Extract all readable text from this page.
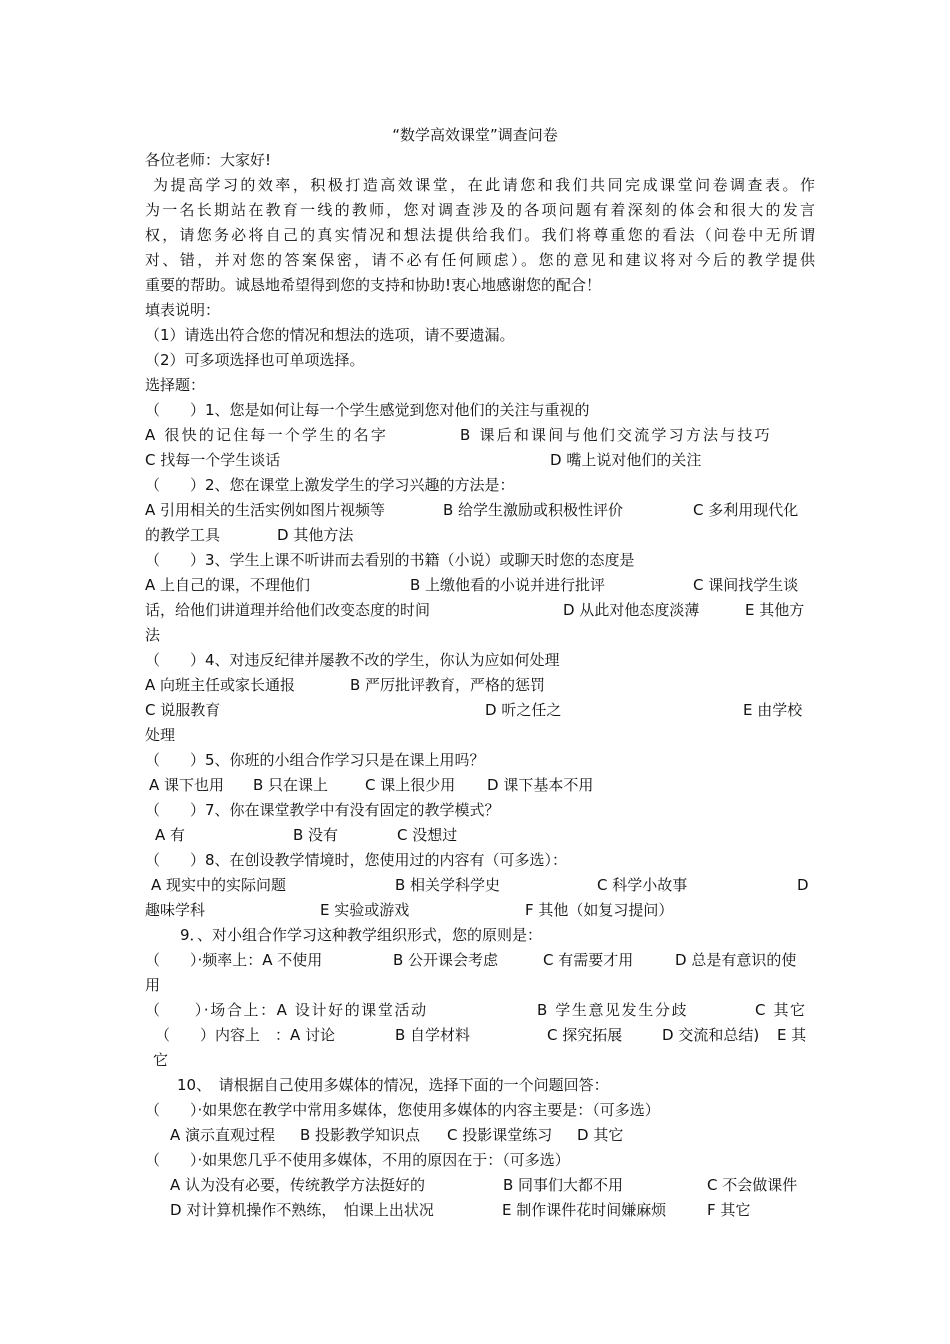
“数学高效课堂”调查问卷
各位老师：大家好!
为提高学习的效率，积极打造高效课堂，在此请您和我们共同完成课堂问卷调查表。作
为一名长期站在教育一线的教师，您对调查涉及的各项问题有着深刻的体会和很大的发言
权，请您务必将自己的真实情况和想法提供给我们。我们将尊重您的看法（问卷中无所谓
对、错，并对您的答案保密，请不必有任何顾虑）。您的意见和建议将对今后的教学提供
重要的帮助。诚恳地希望得到您的支持和协助!衷心地感谢您的配合！
填表说明：
（1）请选出符合您的情况和想法的选项，请不要遗漏。
（2）可多项选择也可单项选择。
选择题：
（　　）1、您是如何让每一个学生感觉到您对他们的关注与重视的
A 很快的记住每一个学生的名字	B 课后和课间与他们交流学习方法与技巧
C 找每一个学生谈话	D 嘴上说对他们的关注
（　　）2、您在课堂上激发学生的学习兴趣的方法是：
A 引用相关的生活实例如图片视频等	B 给学生激励或积极性评价	C 多利用现代化
的教学工具	D 其他方法
（　　）3、学生上课不听讲而去看别的书籍（小说）或聊天时您的态度是
A 上自己的课，不理他们	B 上缴他看的小说并进行批评	C 课间找学生谈
话，给他们讲道理并给他们改变态度的时间	D 从此对他态度淡薄	E 其他方
法
（　　）4、对违反纪律并屡教不改的学生，你认为应如何处理
A 向班主任或家长通报	B 严厉批评教育，严格的惩罚
C 说服教育	D 听之任之	E 由学校
处理
（　　）5、你班的小组合作学习只是在课上用吗？
A 课下也用 B 只在课上 C 课上很少用 D 课下基本不用
（　　）7、你在课堂教学中有没有固定的教学模式？
A 有	B 没有	C 没想过
（　　）8、在创设教学情境时，您使用过的内容有（可多选）：
A 现实中的实际问题	B 相关学科学史	C 科学小故事	D
趣味学科	E 实验或游戏	F 其他（如复习提问）
9．、对小组合作学习这种教学组织形式，您的原则是：
（　　）·频率上：A 不使用	B 公开课会考虑	C 有需要才用	D 总是有意识的使
用
（　　）·场合上：A 设计好的课堂活动	B 学生意见发生分歧	C 其它
（　　）内容上　：A 讨论	B 自学材料	C 探究拓展	D 交流和总结) E 其
它
10、　请根据自己使用多媒体的情况，选择下面的一个问题回答：
（　　）·如果您在教学中常用多媒体，您使用多媒体的内容主要是：（可多选）
A 演示直观过程 B 投影教学知识点 C 投影课堂练习 D 其它
（　　）·如果您几乎不使用多媒体，不用的原因在于：（可多选）
A 认为没有必要，传统教学方法挺好的	B 同事们大都不用	C 不会做课件
D 对计算机操作不熟练，　怕课上出状况	E 制作课件花时间嫌麻烦	F 其它
